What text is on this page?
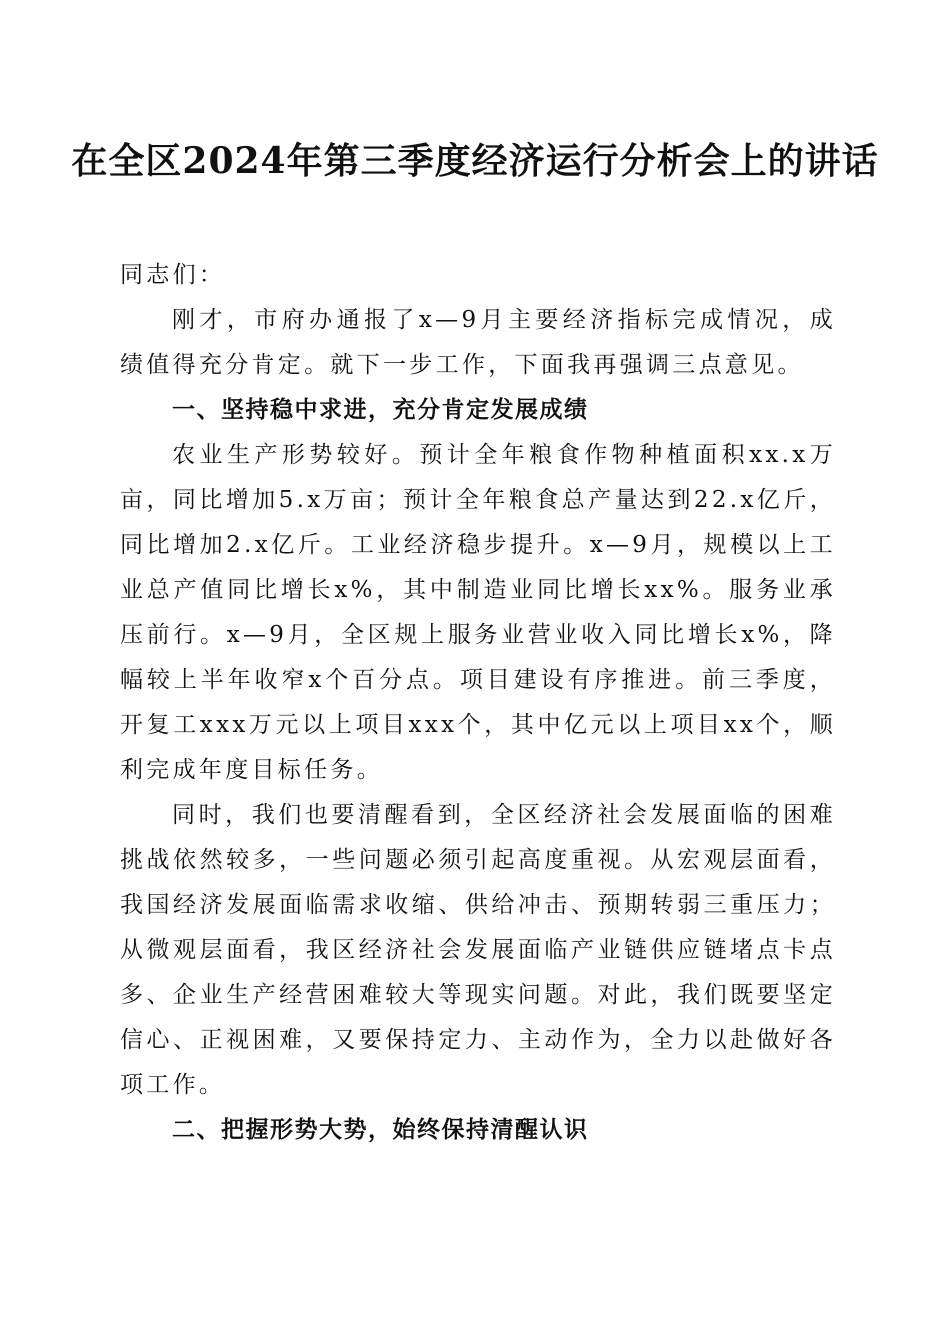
在全区2024年第三季度经济运行分析会上的讲话

同志们：

刚才，市府办通报了x—9月主要经济指标完成情况，成绩值得充分肯定。就下一步工作，下面我再强调三点意见。

一、坚持稳中求进，充分肯定发展成绩

农业生产形势较好。预计全年粮食作物种植面积xx.x万亩，同比增加5.x万亩；预计全年粮食总产量达到22.x亿斤，同比增加2.x亿斤。工业经济稳步提升。x—9月，规模以上工业总产值同比增长x%，其中制造业同比增长xx%。服务业承压前行。x—9月，全区规上服务业营业收入同比增长x%，降幅较上半年收窄x个百分点。项目建设有序推进。前三季度，开复工xxx万元以上项目xxx个，其中亿元以上项目xx个，顺利完成年度目标任务。

同时，我们也要清醒看到，全区经济社会发展面临的困难挑战依然较多，一些问题必须引起高度重视。从宏观层面看，我国经济发展面临需求收缩、供给冲击、预期转弱三重压力；从微观层面看，我区经济社会发展面临产业链供应链堵点卡点多、企业生产经营困难较大等现实问题。对此，我们既要坚定信心、正视困难，又要保持定力、主动作为，全力以赴做好各项工作。

二、把握形势大势，始终保持清醒认识
